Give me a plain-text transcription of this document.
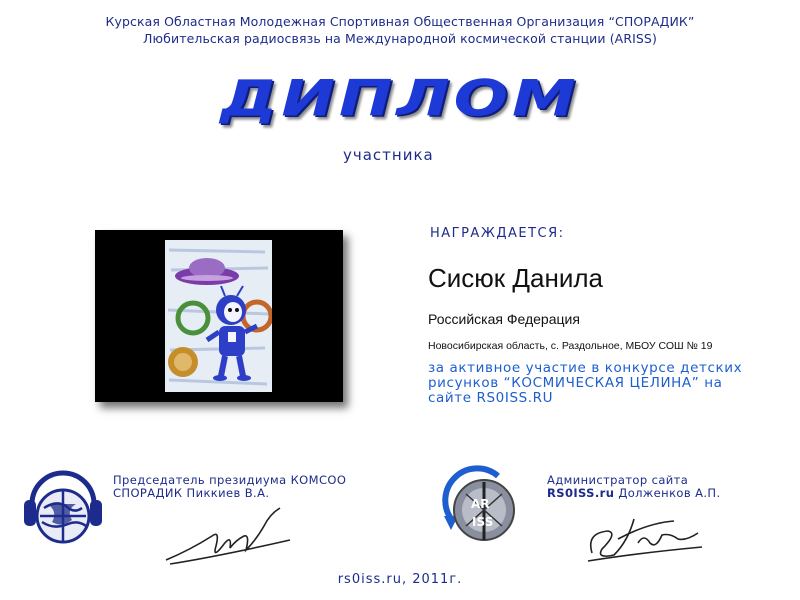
Курская Областная Молодежная Спортивная Общественная Организация “СПОРАДИК”
Любительская радиосвязь на Международной космической станции (ARISS)
ДИПЛОМ
участника
НАГРАЖДАЕТСЯ:
Сисюк Данила
Российская Федерация
Новосибирская область, с. Раздольное, МБОУ СОШ № 19
за активное участие в конкурсе детских рисунков “КОСМИЧЕСКАЯ ЦЕЛИНА” на сайте RS0ISS.RU
Председатель президиума КОМСОО
СПОРАДИК Пиккиев В.А.
AR
ISS
Администратор сайта
RS0ISS.ru Долженков А.П.
rs0iss.ru, 2011г.
